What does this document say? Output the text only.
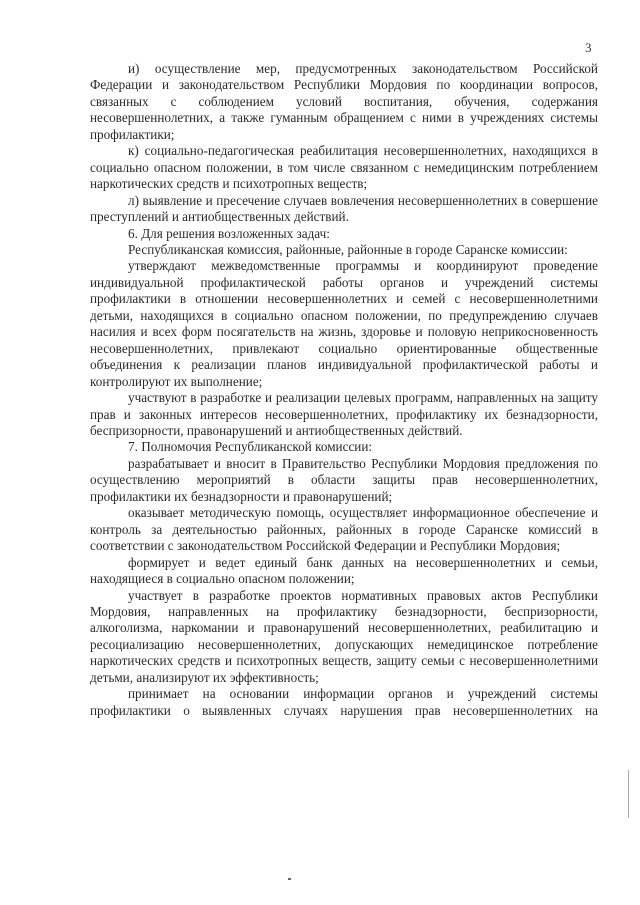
3

и) осуществление мер, предусмотренных законодательством Российской Федерации и законодательством Республики Мордовия по координации вопросов, связанных с соблюдением условий воспитания, обучения, содержания несовершеннолетних, а также гуманным обращением с ними в учреждениях системы профилактики;

к) социально-педагогическая реабилитация несовершеннолетних, находящихся в социально опасном положении, в том числе связанном с немедицинским потреблением наркотических средств и психотропных веществ;

л) выявление и пресечение случаев вовлечения несовершеннолетних в совершение преступлений и антиобщественных действий.

6. Для решения возложенных задач:

Республиканская комиссия, районные, районные в городе Саранске комиссии:

утверждают межведомственные программы и координируют проведение индивидуальной профилактической работы органов и учреждений системы профилактики в отношении несовершеннолетних и семей с несовершеннолетними детьми, находящихся в социально опасном положении, по предупреждению случаев насилия и всех форм посягательств на жизнь, здоровье и половую неприкосновенность несовершеннолетних, привлекают социально ориентированные общественные объединения к реализации планов индивидуальной профилактической работы и контролируют их выполнение;

участвуют в разработке и реализации целевых программ, направленных на защиту прав и законных интересов несовершеннолетних, профилактику их безнадзорности, беспризорности, правонарушений и антиобщественных действий.

7. Полномочия Республиканской комиссии:

разрабатывает и вносит в Правительство Республики Мордовия предложения по осуществлению мероприятий в области защиты прав несовершеннолетних, профилактики их безнадзорности и правонарушений;

оказывает методическую помощь, осуществляет информационное обеспечение и контроль за деятельностью районных, районных в городе Саранске комиссий в соответствии с законодательством Российской Федерации и Республики Мордовия;

формирует и ведет единый банк данных на несовершеннолетних и семьи, находящиеся в социально опасном положении;

участвует в разработке проектов нормативных правовых актов Республики Мордовия, направленных на профилактику безнадзорности, беспризорности, алкоголизма, наркомании и правонарушений несовершеннолетних, реабилитацию и ресоциализацию несовершеннолетних, допускающих немедицинское потребление наркотических средств и психотропных веществ, защиту семьи с несовершеннолетними детьми, анализируют их эффективность;

принимает на основании информации органов и учреждений системы профилактики о выявленных случаях нарушения прав несовершеннолетних на
